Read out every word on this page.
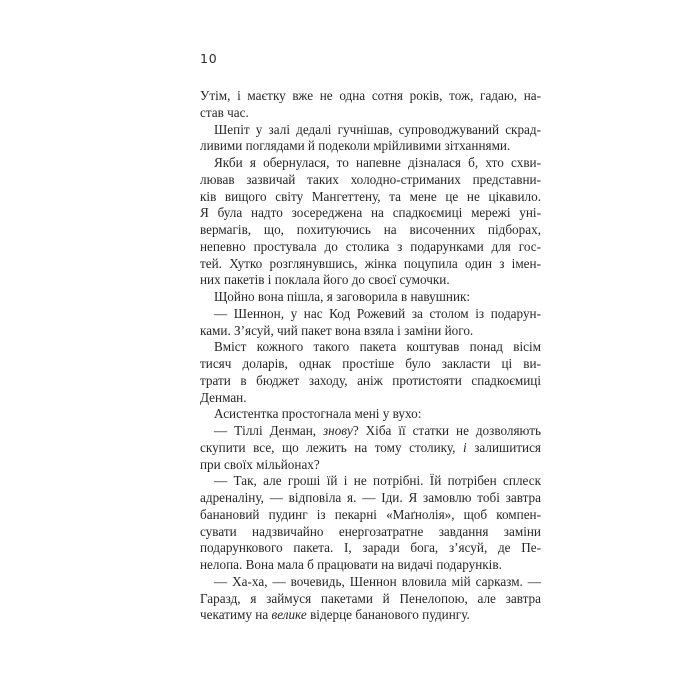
10
Утім, і маєтку вже не одна сотня років, тож, гадаю, на-
став час.
Шепіт у залі дедалі гучнішав, супроводжуваний скрад-
ливими поглядами й подеколи мрійливими зітханнями.
Якби я обернулася, то напевне дізналася б, хто схви-
лював зазвичай таких холодно-стриманих представни-
ків вищого світу Мангеттену, та мене це не цікавило.
Я була надто зосереджена на спадкоємиці мережі уні-
вермагів, що, похитуючись на височенних підборах,
непевно простувала до столика з подарунками для гос-
тей. Хутко розглянувшись, жінка поцупила один з імен-
них пакетів і поклала його до своєї сумочки.
Щойно вона пішла, я заговорила в навушник:
— Шеннон, у нас Код Рожевий за столом із подарун-
ками. З’ясуй, чий пакет вона взяла і заміни його.
Вміст кожного такого пакета коштував понад вісім
тисяч доларів, однак простіше було закласти ці ви-
трати в бюджет заходу, аніж протистояти спадкоємиці
Денман.
Асистентка простогнала мені у вухо:
— Тіллі Денман, знову? Хіба її статки не дозволяють
скупити все, що лежить на тому столику, і залишитися
при своїх мільйонах?
— Так, але гроші їй і не потрібні. Їй потрібен сплеск
адреналіну, — відповіла я. — Іди. Я замовлю тобі завтра
банановий пудинг із пекарні «Маґнолія», щоб компен-
сувати надзвичайно енергозатратне завдання заміни
подарункового пакета. І, заради бога, з’ясуй, де Пе-
нелопа. Вона мала б працювати на видачі подарунків.
— Ха-ха, — вочевидь, Шеннон вловила мій сарказм. —
Гаразд, я займуся пакетами й Пенелопою, але завтра
чекатиму на велике відерце бананового пудингу.
